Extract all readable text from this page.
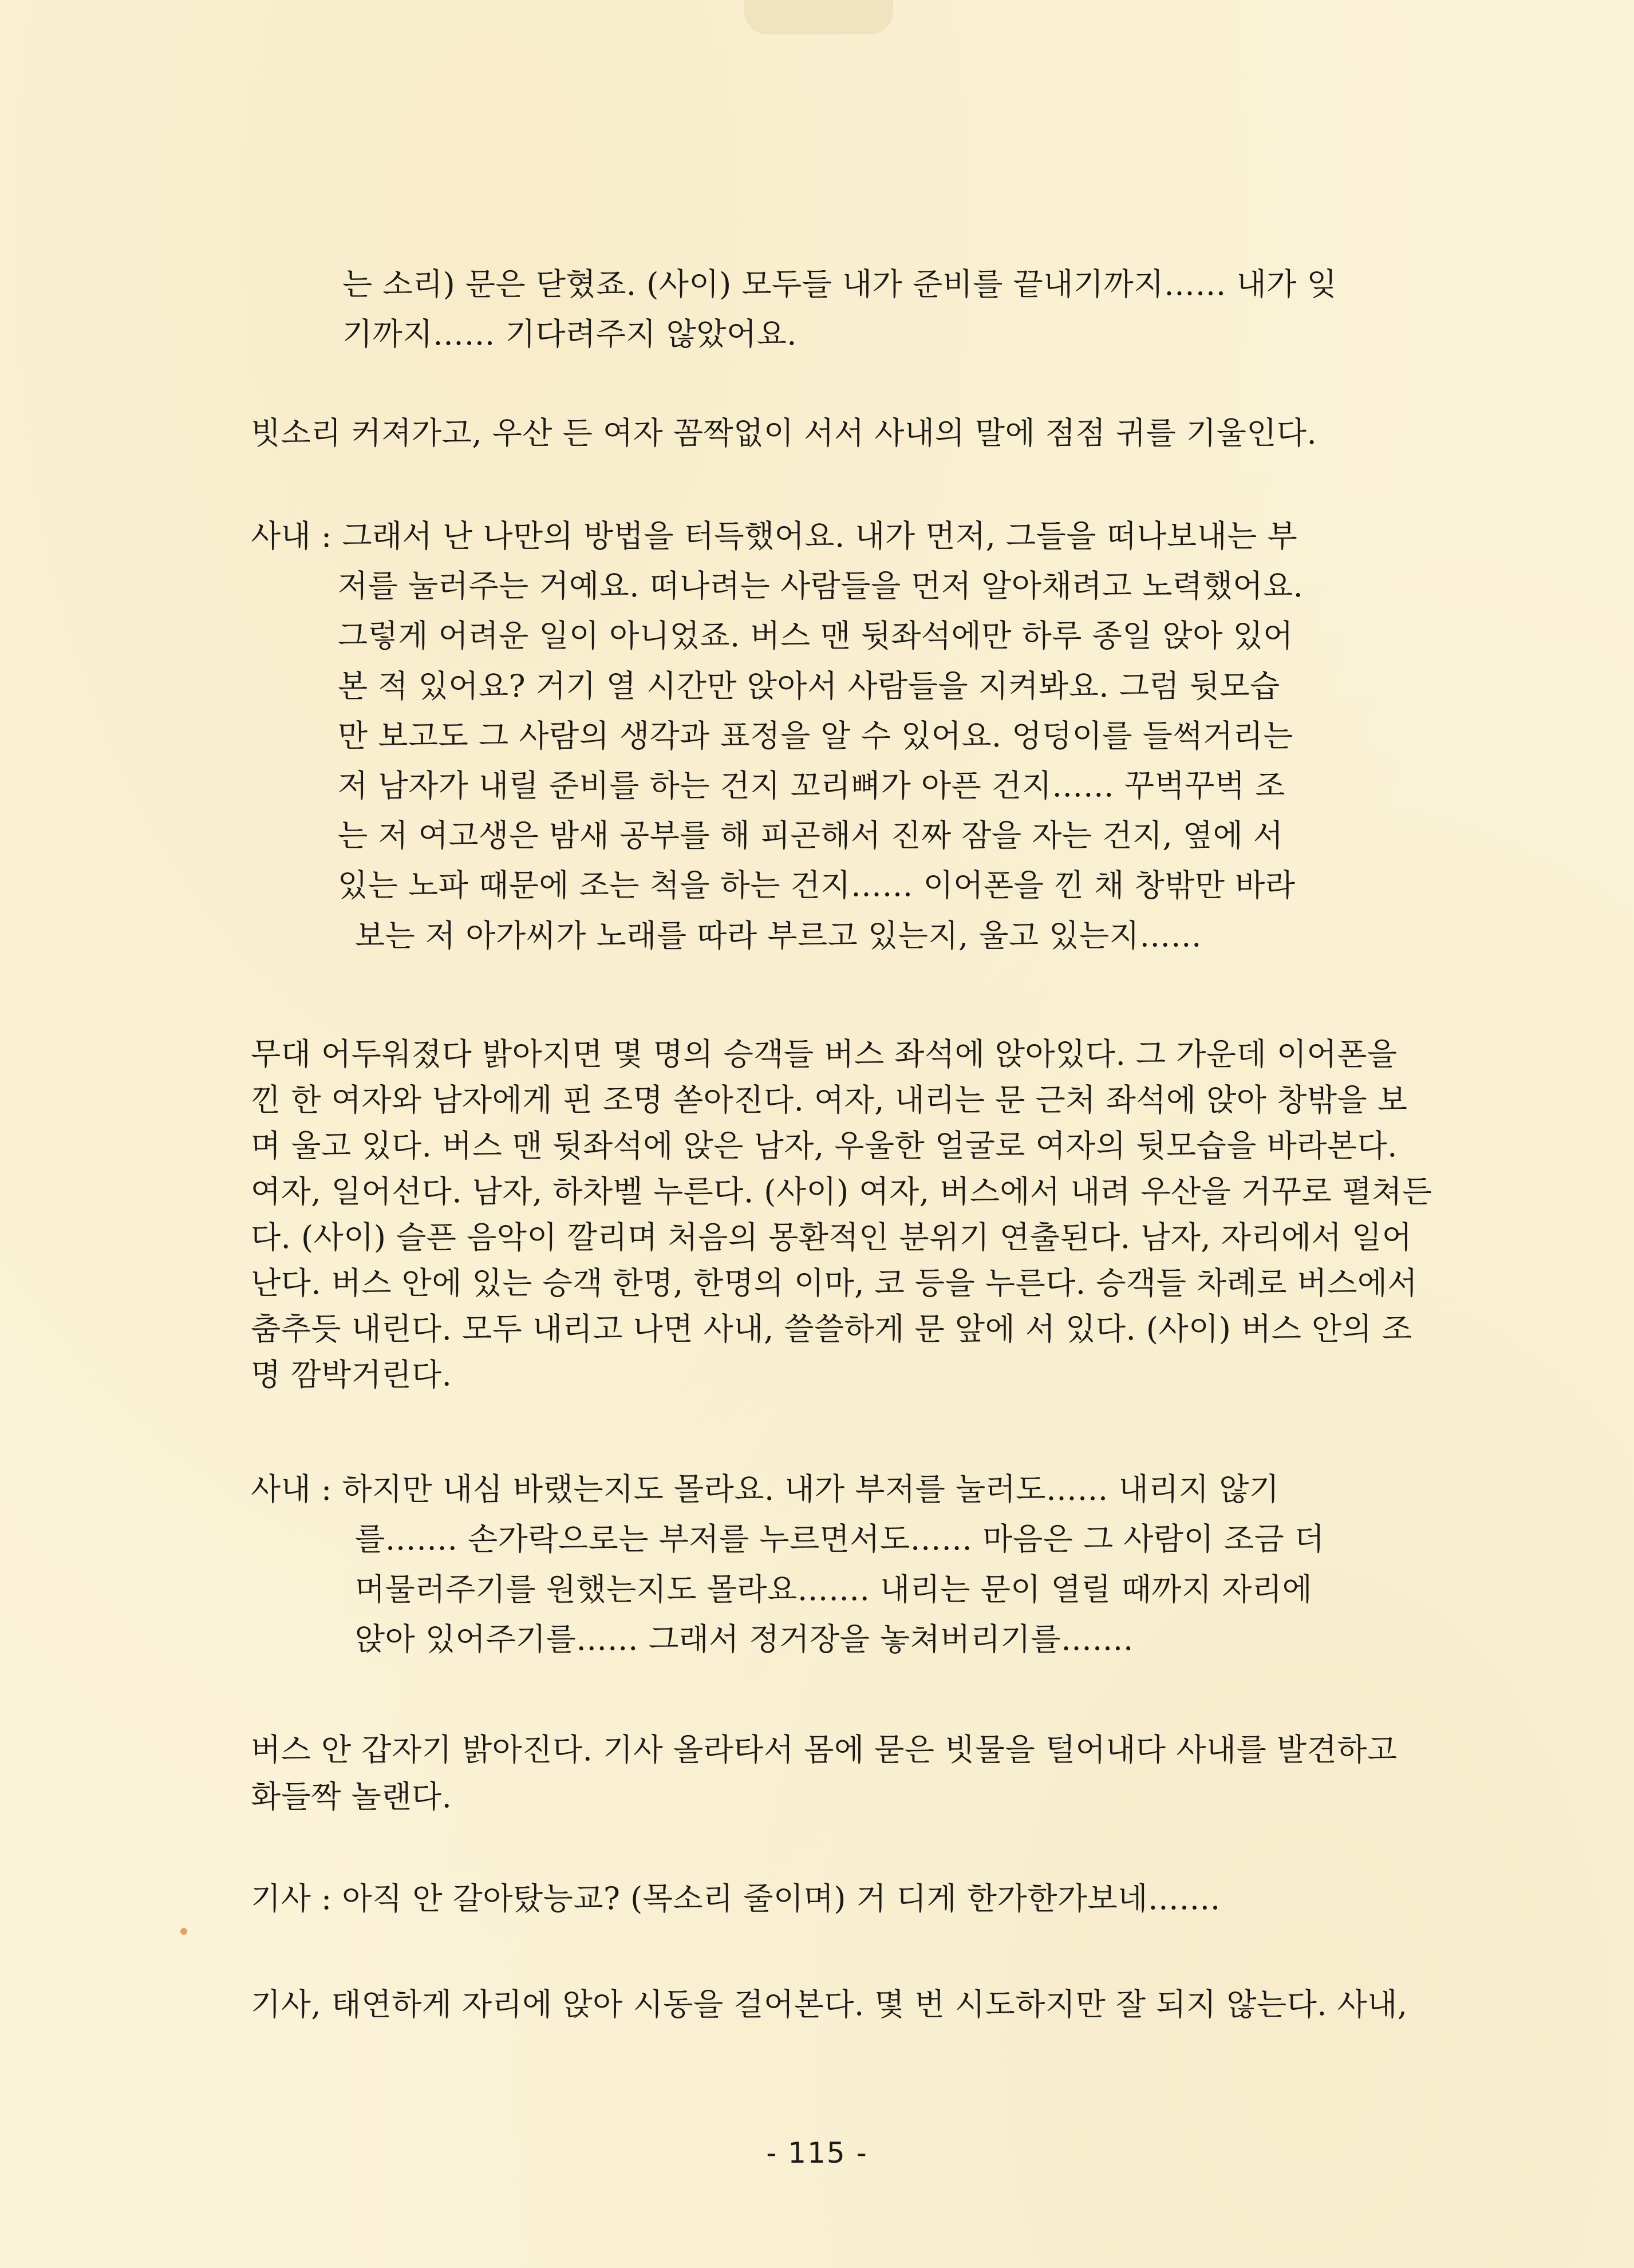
는 소리) 문은 닫혔죠. (사이) 모두들 내가 준비를 끝내기까지…… 내가 잊
기까지…… 기다려주지 않았어요.
빗소리 커져가고, 우산 든 여자 꼼짝없이 서서 사내의 말에 점점 귀를 기울인다.
사내 : 그래서 난 나만의 방법을 터득했어요. 내가 먼저, 그들을 떠나보내는 부
저를 눌러주는 거예요. 떠나려는 사람들을 먼저 알아채려고 노력했어요.
그렇게 어려운 일이 아니었죠. 버스 맨 뒷좌석에만 하루 종일 앉아 있어
본 적 있어요? 거기 열 시간만 앉아서 사람들을 지켜봐요. 그럼 뒷모습
만 보고도 그 사람의 생각과 표정을 알 수 있어요. 엉덩이를 들썩거리는
저 남자가 내릴 준비를 하는 건지 꼬리뼈가 아픈 건지…… 꾸벅꾸벅 조
는 저 여고생은 밤새 공부를 해 피곤해서 진짜 잠을 자는 건지, 옆에 서
있는 노파 때문에 조는 척을 하는 건지…… 이어폰을 낀 채 창밖만 바라
보는 저 아가씨가 노래를 따라 부르고 있는지, 울고 있는지……
무대 어두워졌다 밝아지면 몇 명의 승객들 버스 좌석에 앉아있다. 그 가운데 이어폰을
낀 한 여자와 남자에게 핀 조명 쏟아진다. 여자, 내리는 문 근처 좌석에 앉아 창밖을 보
며 울고 있다. 버스 맨 뒷좌석에 앉은 남자, 우울한 얼굴로 여자의 뒷모습을 바라본다.
여자, 일어선다. 남자, 하차벨 누른다. (사이) 여자, 버스에서 내려 우산을 거꾸로 펼쳐든
다. (사이) 슬픈 음악이 깔리며 처음의 몽환적인 분위기 연출된다. 남자, 자리에서 일어
난다. 버스 안에 있는 승객 한명, 한명의 이마, 코 등을 누른다. 승객들 차례로 버스에서
춤추듯 내린다. 모두 내리고 나면 사내, 쓸쓸하게 문 앞에 서 있다. (사이) 버스 안의 조
명 깜박거린다.
사내 : 하지만 내심 바랬는지도 몰라요. 내가 부저를 눌러도…… 내리지 않기
를……. 손가락으로는 부저를 누르면서도…… 마음은 그 사람이 조금 더
머물러주기를 원했는지도 몰라요……. 내리는 문이 열릴 때까지 자리에
앉아 있어주기를…… 그래서 정거장을 놓쳐버리기를…….
버스 안 갑자기 밝아진다. 기사 올라타서 몸에 묻은 빗물을 털어내다 사내를 발견하고
화들짝 놀랜다.
기사 : 아직 안 갈아탔능교? (목소리 줄이며) 거 디게 한가한가보네…….
기사, 태연하게 자리에 앉아 시동을 걸어본다. 몇 번 시도하지만 잘 되지 않는다. 사내,
- 115 -
